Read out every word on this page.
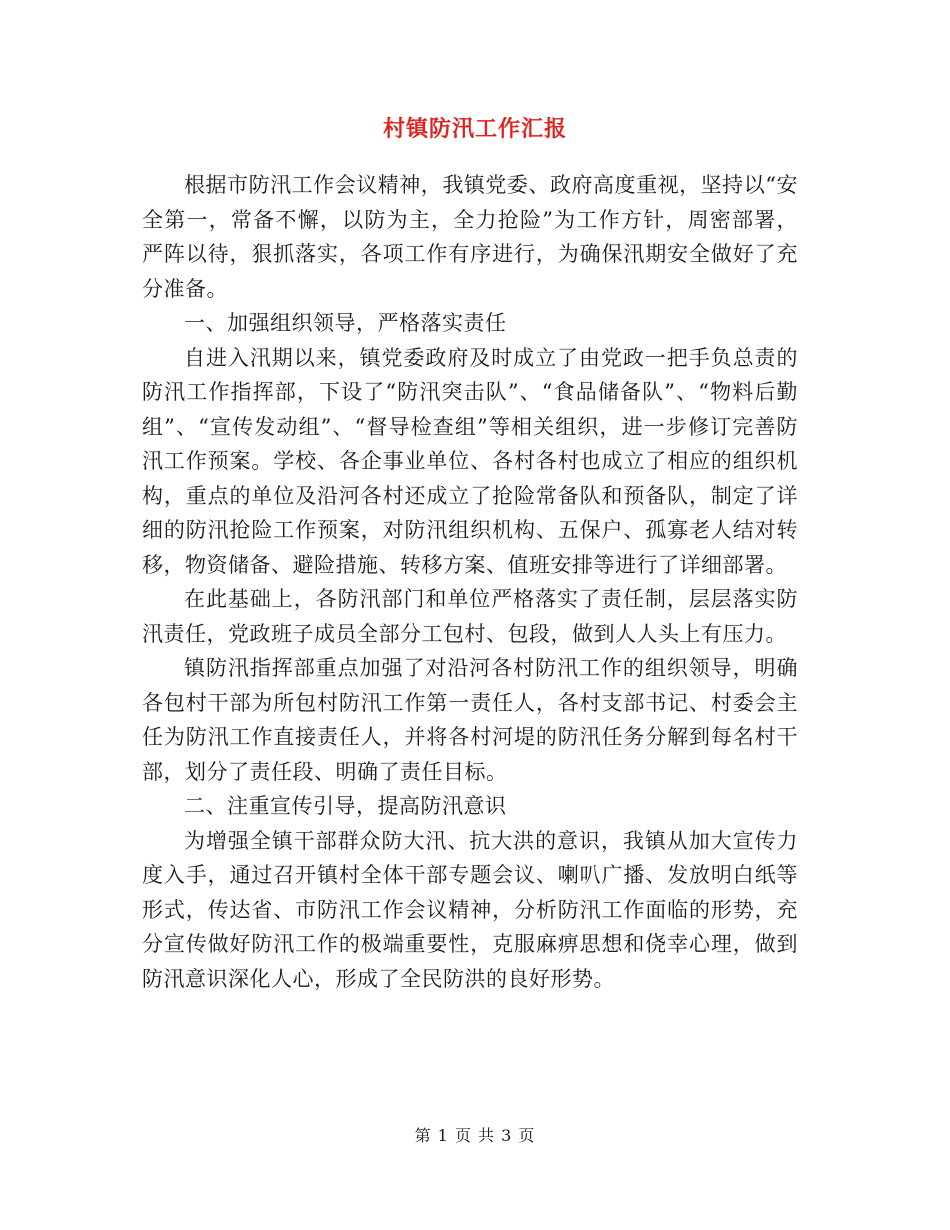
村镇防汛工作汇报

根据市防汛工作会议精神，我镇党委、政府高度重视，坚持以“安全第一，常备不懈，以防为主，全力抢险”为工作方针，周密部署，严阵以待，狠抓落实，各项工作有序进行，为确保汛期安全做好了充分准备。

一、加强组织领导，严格落实责任

自进入汛期以来，镇党委政府及时成立了由党政一把手负总责的防汛工作指挥部，下设了“防汛突击队”、“食品储备队”、“物料后勤组”、“宣传发动组”、“督导检查组”等相关组织，进一步修订完善防汛工作预案。学校、各企事业单位、各村各村也成立了相应的组织机构，重点的单位及沿河各村还成立了抢险常备队和预备队，制定了详细的防汛抢险工作预案，对防汛组织机构、五保户、孤寡老人结对转移，物资储备、避险措施、转移方案、值班安排等进行了详细部署。

在此基础上，各防汛部门和单位严格落实了责任制，层层落实防汛责任，党政班子成员全部分工包村、包段，做到人人头上有压力。

镇防汛指挥部重点加强了对沿河各村防汛工作的组织领导，明确各包村干部为所包村防汛工作第一责任人，各村支部书记、村委会主任为防汛工作直接责任人，并将各村河堤的防汛任务分解到每名村干部，划分了责任段、明确了责任目标。

二、注重宣传引导，提高防汛意识

为增强全镇干部群众防大汛、抗大洪的意识，我镇从加大宣传力度入手，通过召开镇村全体干部专题会议、喇叭广播、发放明白纸等形式，传达省、市防汛工作会议精神，分析防汛工作面临的形势，充分宣传做好防汛工作的极端重要性，克服麻痹思想和侥幸心理，做到防汛意识深化人心，形成了全民防洪的良好形势。

第 1 页 共 3 页
